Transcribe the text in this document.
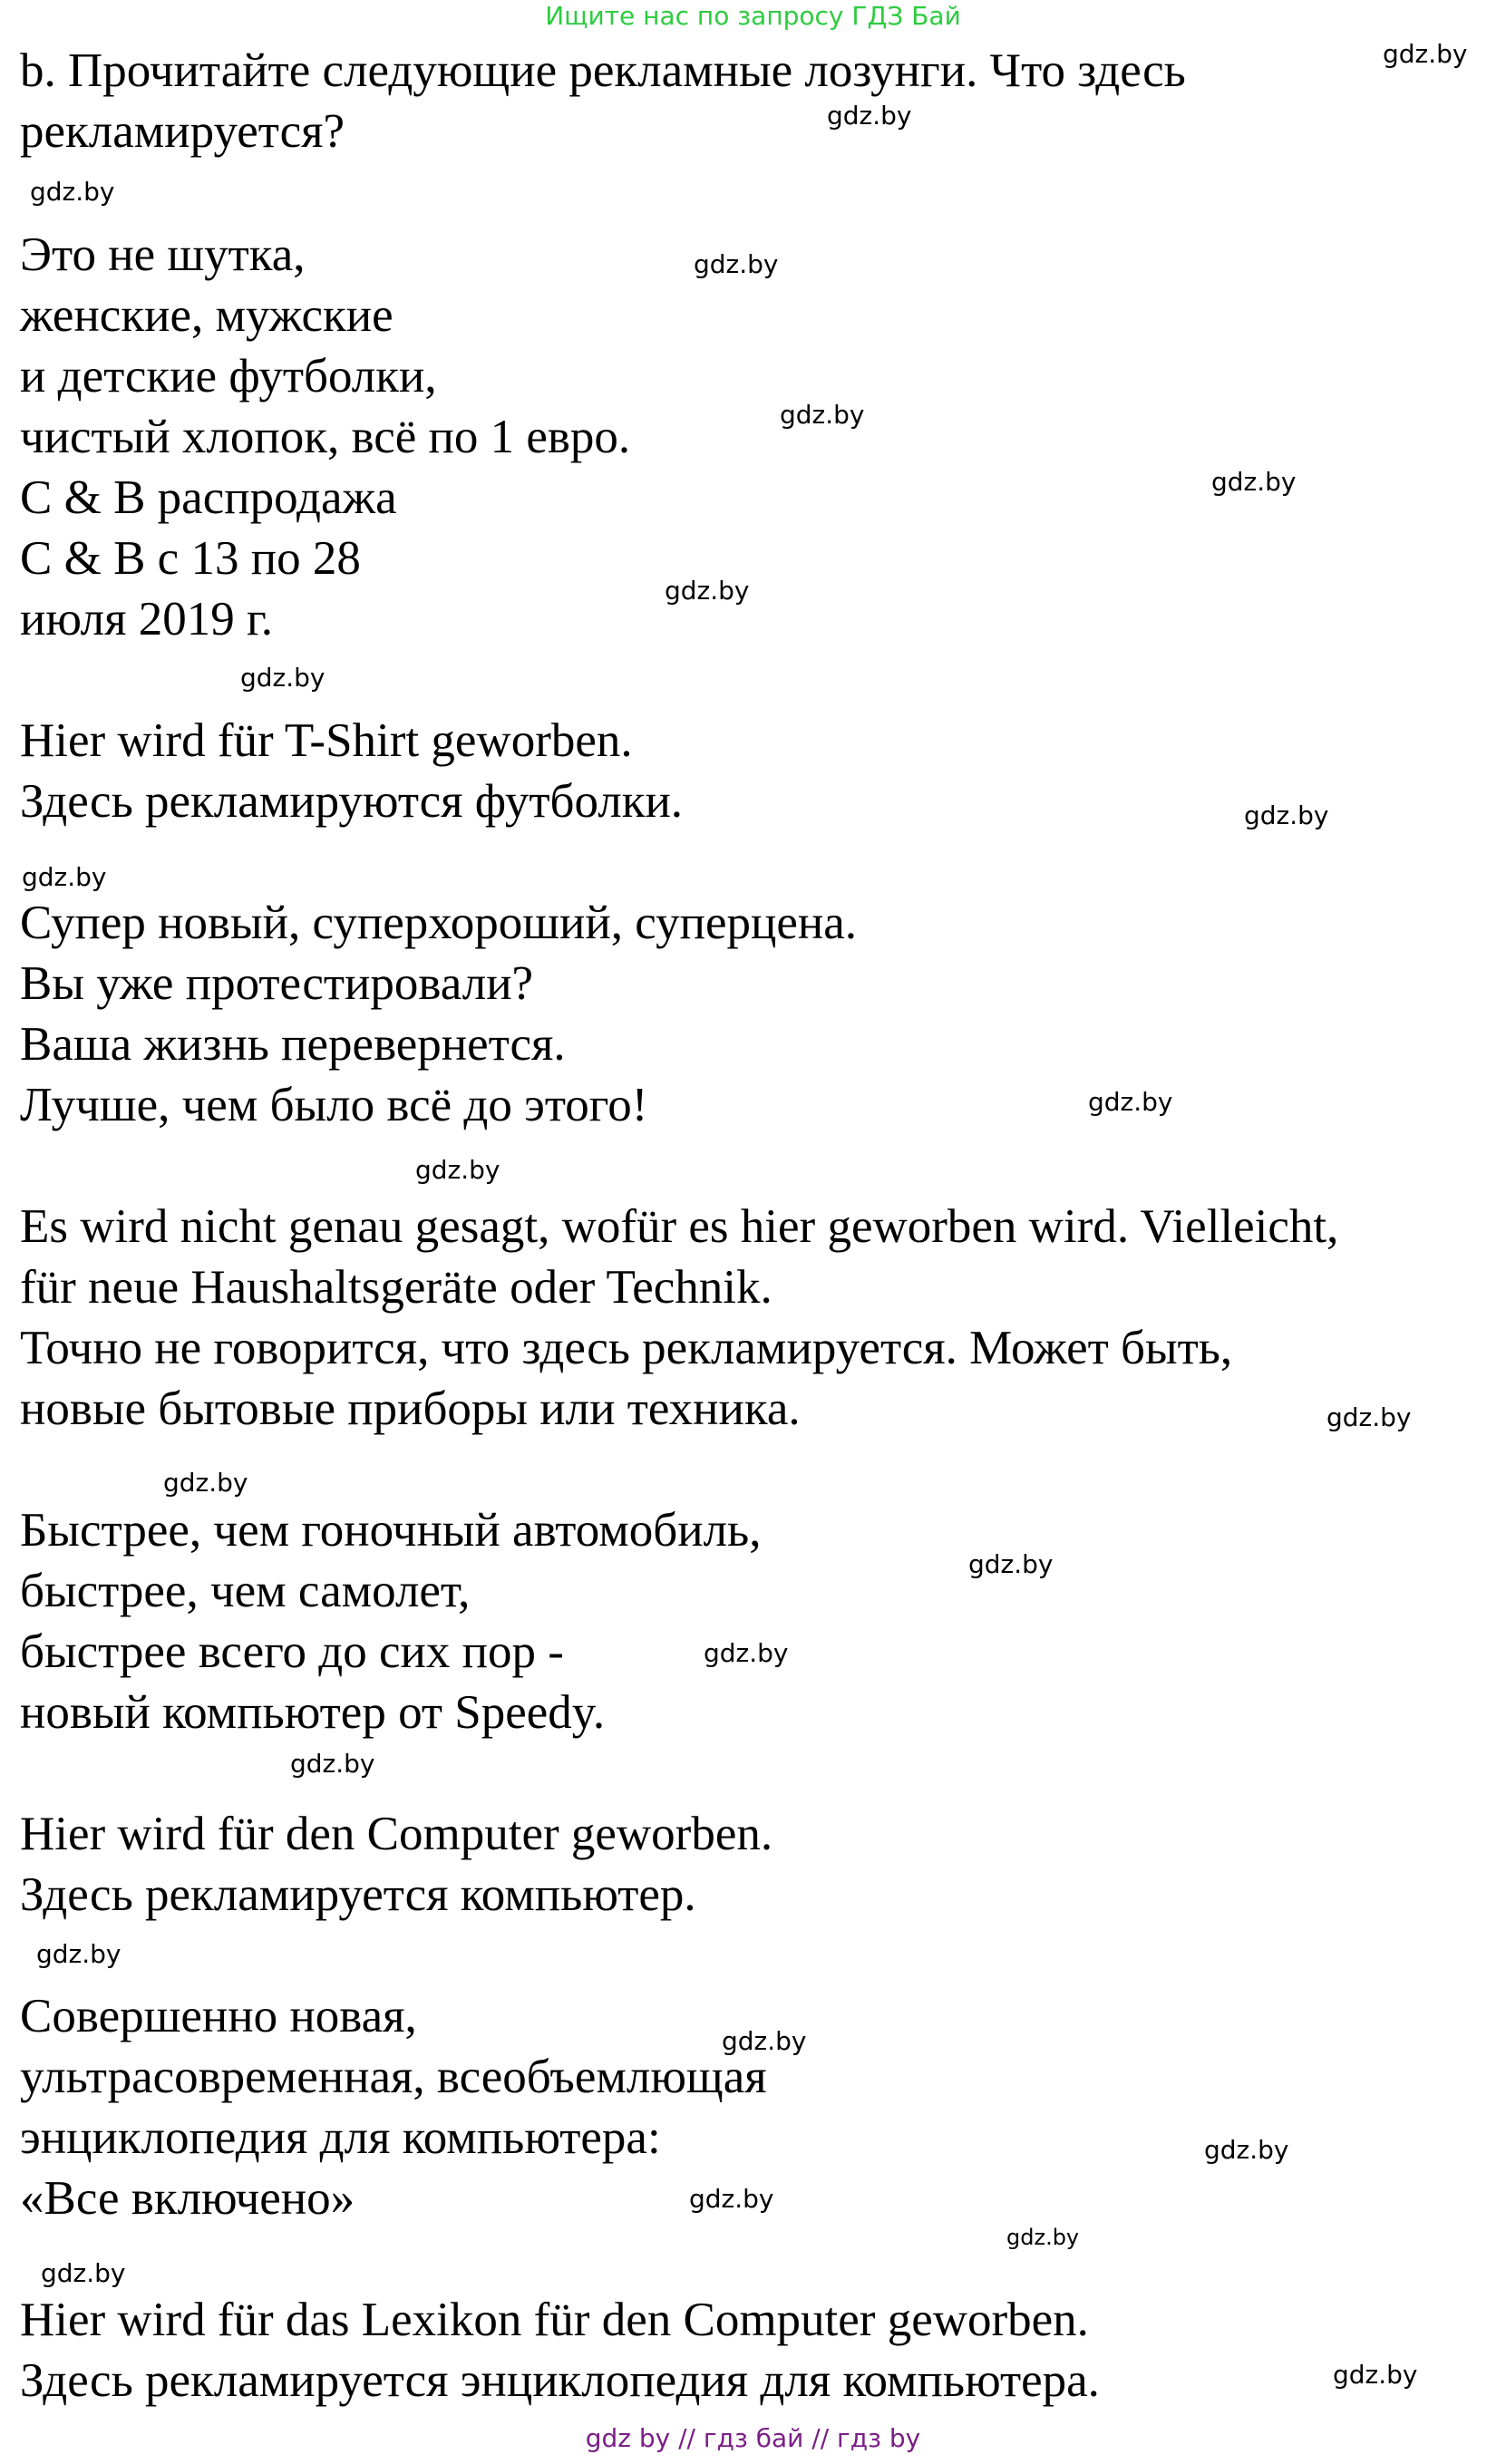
Ищите нас по запросу ГДЗ Бай
b. Прочитайте следующие рекламные лозунги. Что здесь
рекламируется?
Это не шутка,
женские, мужские
и детские футболки,
чистый хлопок, всё по 1 евро.
C & B распродажа
C & B с 13 по 28
июля 2019 г.
Hier wird für T-Shirt geworben.
Здесь рекламируются футболки.
Супер новый, суперхороший, суперцена.
Вы уже протестировали?
Ваша жизнь перевернется.
Лучше, чем было всё до этого!
Es wird nicht genau gesagt, wofür es hier geworben wird. Vielleicht,
für neue Haushaltsgeräte oder Technik.
Точно не говорится, что здесь рекламируется. Может быть,
новые бытовые приборы или техника.
Быстрее, чем гоночный автомобиль,
быстрее, чем самолет,
быстрее всего до сих пор -
новый компьютер от Speedy.
Hier wird für den Computer geworben.
Здесь рекламируется компьютер.
Совершенно новая,
ультрасовременная, всеобъемлющая
энциклопедия для компьютера:
«Все включено»
Hier wird für das Lexikon für den Computer geworben.
Здесь рекламируется энциклопедия для компьютера.
gdz.by
gdz.by
gdz.by
gdz.by
gdz.by
gdz.by
gdz.by
gdz.by
gdz.by
gdz.by
gdz.by
gdz.by
gdz.by
gdz.by
gdz.by
gdz.by
gdz.by
gdz.by
gdz.by
gdz.by
gdz.by
gdz.by
gdz.by
gdz.by
gdz by // гдз бай // гдз by
